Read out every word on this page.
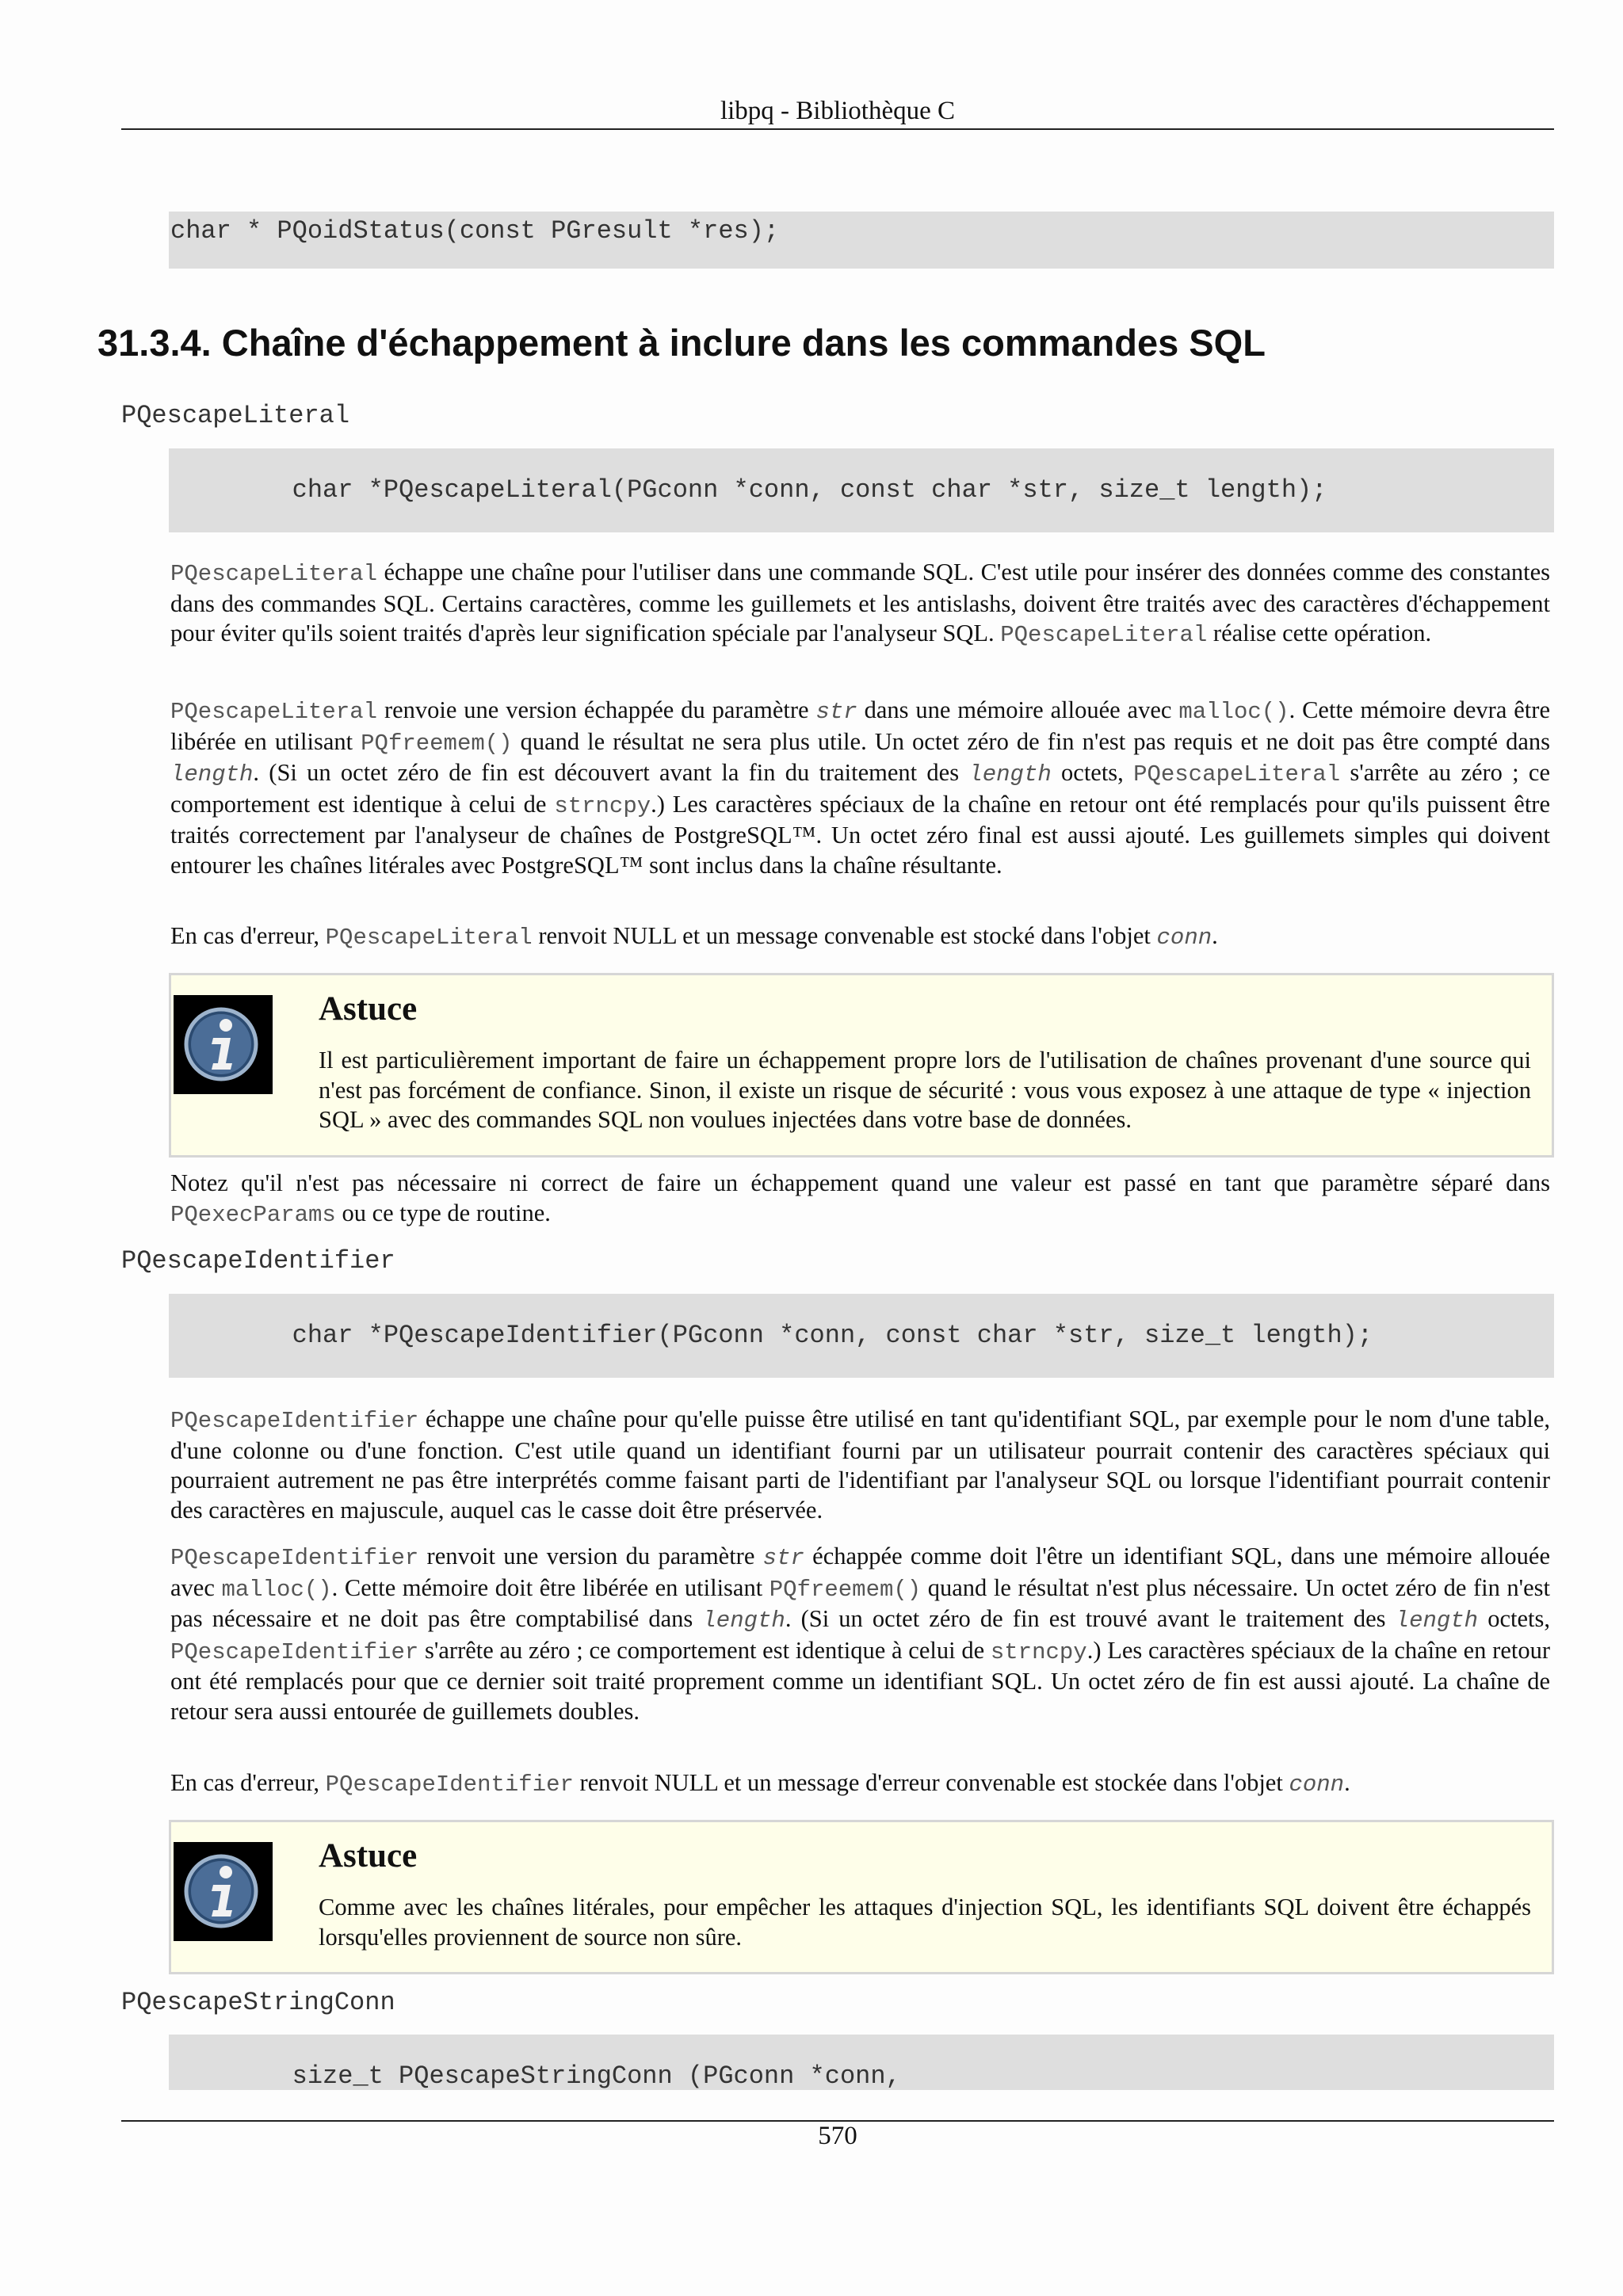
libpq - Bibliothèque C
char * PQoidStatus(const PGresult *res);
31.3.4. Chaîne d'échappement à inclure dans les commandes SQL
PQescapeLiteral
char *PQescapeLiteral(PGconn *conn, const char *str, size_t length);

PQescapeLiteral échappe une chaîne pour l'utiliser dans une commande SQL. C'est utile pour insérer des données comme des constantes dans des commandes SQL. Certains caractères, comme les guillemets et les antislashs, doivent être traités avec des caractères d'échappement pour éviter qu'ils soient traités d'après leur signification spéciale par l'analyseur SQL. PQescapeLiteral réalise cette opération.

PQescapeLiteral renvoie une version échappée du paramètre str dans une mémoire allouée avec malloc(). Cette mémoire devra être libérée en utilisant PQfreemem() quand le résultat ne sera plus utile. Un octet zéro de fin n'est pas requis et ne doit pas être compté dans length. (Si un octet zéro de fin est découvert avant la fin du traitement des length octets, PQescapeLiteral s'arrête au zéro ; ce comportement est identique à celui de strncpy.) Les caractères spéciaux de la chaîne en retour ont été remplacés pour qu'ils puissent être traités correctement par l'analyseur de chaînes de PostgreSQL™. Un octet zéro final est aussi ajouté. Les guillemets simples qui doivent entourer les chaînes litérales avec PostgreSQL™ sont inclus dans la chaîne résultante.

En cas d'erreur, PQescapeLiteral renvoit NULL et un message convenable est stocké dans l'objet conn.

Astuce

Il est particulièrement important de faire un échappement propre lors de l'utilisation de chaînes provenant d'une source qui n'est pas forcément de confiance. Sinon, il existe un risque de sécurité : vous vous exposez à une attaque de type « injection SQL » avec des commandes SQL non voulues injectées dans votre base de données.

Notez qu'il n'est pas nécessaire ni correct de faire un échappement quand une valeur est passé en tant que paramètre séparé dans PQexecParams ou ce type de routine.

PQescapeIdentifier
char *PQescapeIdentifier(PGconn *conn, const char *str, size_t length);

PQescapeIdentifier échappe une chaîne pour qu'elle puisse être utilisé en tant qu'identifiant SQL, par exemple pour le nom d'une table, d'une colonne ou d'une fonction. C'est utile quand un identifiant fourni par un utilisateur pourrait contenir des caractères spéciaux qui pourraient autrement ne pas être interprétés comme faisant parti de l'identifiant par l'analyseur SQL ou lorsque l'identifiant pourrait contenir des caractères en majuscule, auquel cas le casse doit être préservée.

PQescapeIdentifier renvoit une version du paramètre str échappée comme doit l'être un identifiant SQL, dans une mémoire allouée avec malloc(). Cette mémoire doit être libérée en utilisant PQfreemem() quand le résultat n'est plus nécessaire. Un octet zéro de fin n'est pas nécessaire et ne doit pas être comptabilisé dans length. (Si un octet zéro de fin est trouvé avant le traitement des length octets, PQescapeIdentifier s'arrête au zéro ; ce comportement est identique à celui de strncpy.) Les caractères spéciaux de la chaîne en retour ont été remplacés pour que ce dernier soit traité proprement comme un identifiant SQL. Un octet zéro de fin est aussi ajouté. La chaîne de retour sera aussi entourée de guillemets doubles.

En cas d'erreur, PQescapeIdentifier renvoit NULL et un message d'erreur convenable est stockée dans l'objet conn.

Astuce

Comme avec les chaînes litérales, pour empêcher les attaques d'injection SQL, les identifiants SQL doivent être échappés lorsqu'elles proviennent de source non sûre.

PQescapeStringConn
size_t PQescapeStringConn (PGconn *conn,
570
